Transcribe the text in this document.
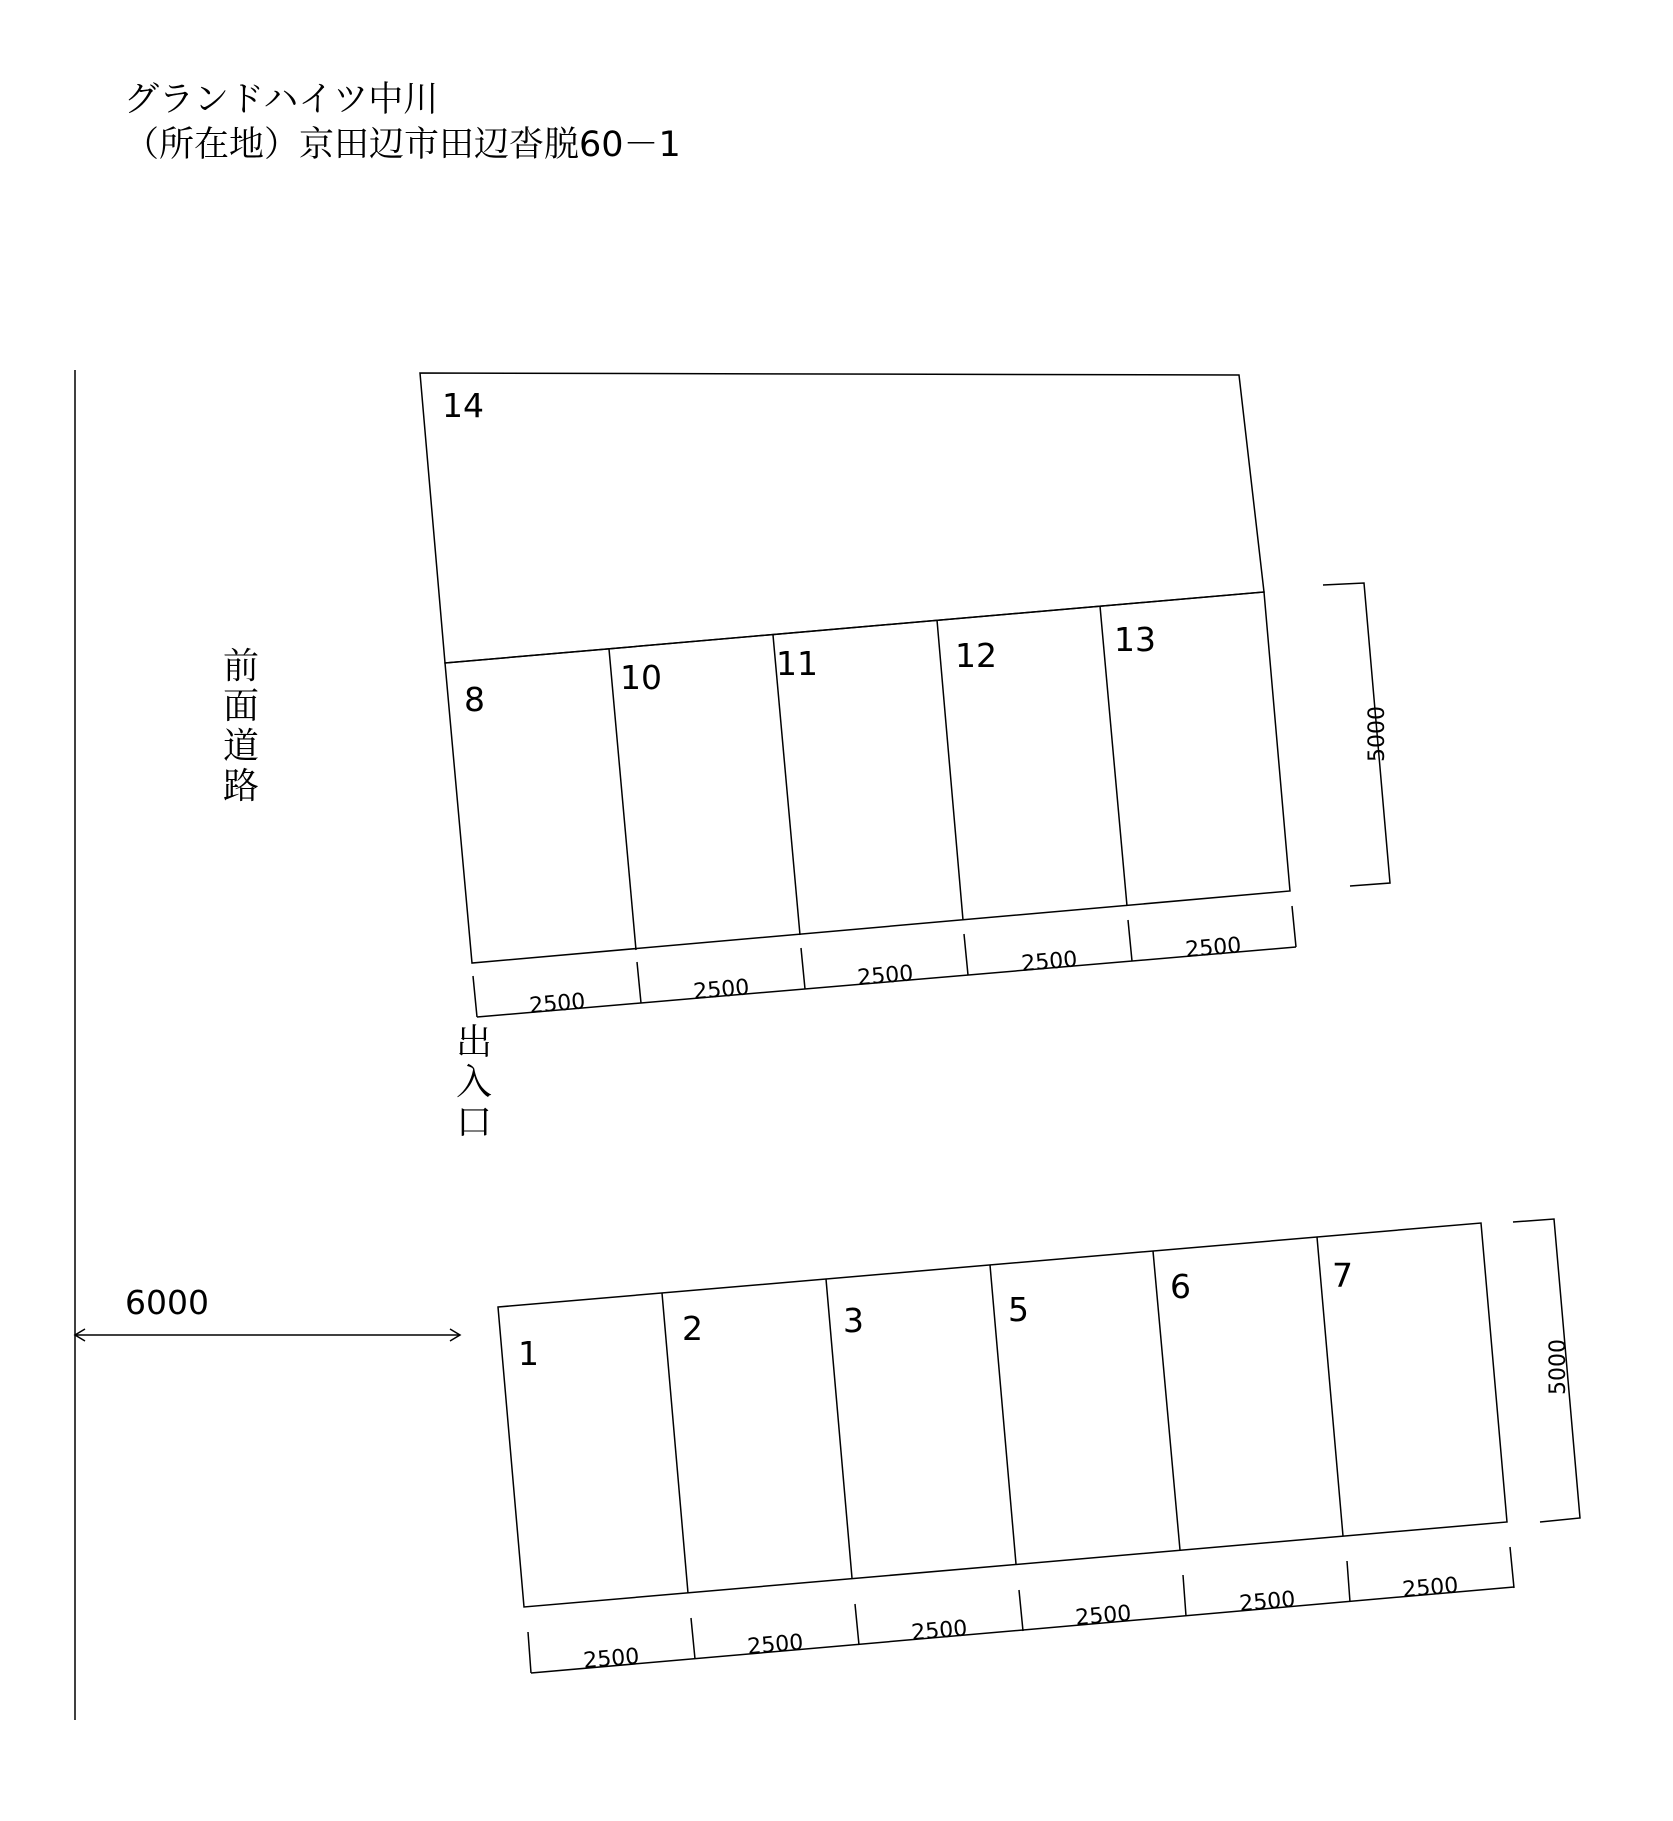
グランドハイツ中川
（所在地）京田辺市田辺沓脱60－1
前
面
道
路
出
入
口
6000
14
8
10	11	12	13
2500	2500	2500	2500	2500
5000
1
2	3	5
6	7
2500	2500	2500
2500	2500	2500
5000
